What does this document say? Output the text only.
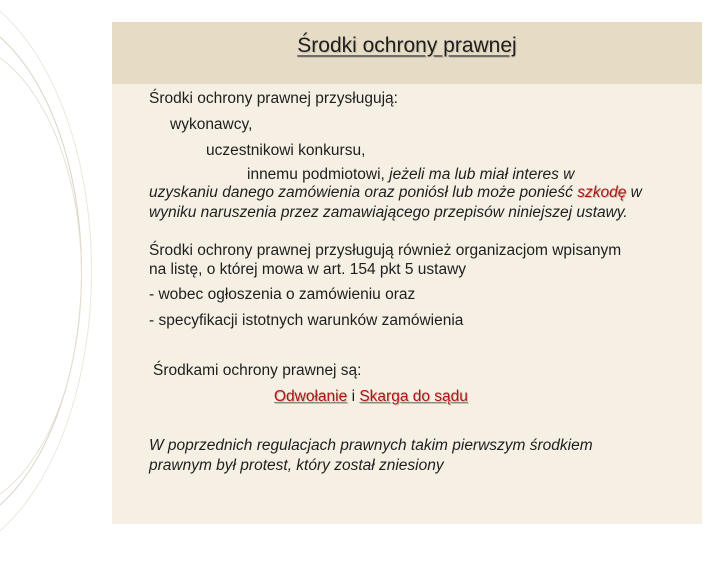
Środki ochrony prawnej
Środki ochrony prawnej przysługują:
wykonawcy,
uczestnikowi konkursu,
innemu podmiotowi, jeżeli ma lub miał interes w
uzyskaniu danego zamówienia oraz poniósł lub może ponieść szkodę w
wyniku naruszenia przez zamawiającego przepisów niniejszej ustawy.
Środki ochrony prawnej przysługują również organizacjom wpisanym
na listę, o której mowa w art. 154 pkt 5 ustawy
- wobec ogłoszenia o zamówieniu oraz
- specyfikacji istotnych warunków zamówienia
Środkami ochrony prawnej są:
Odwołanie i Skarga do sądu
W poprzednich regulacjach prawnych takim pierwszym środkiem
prawnym był protest, który został zniesiony
